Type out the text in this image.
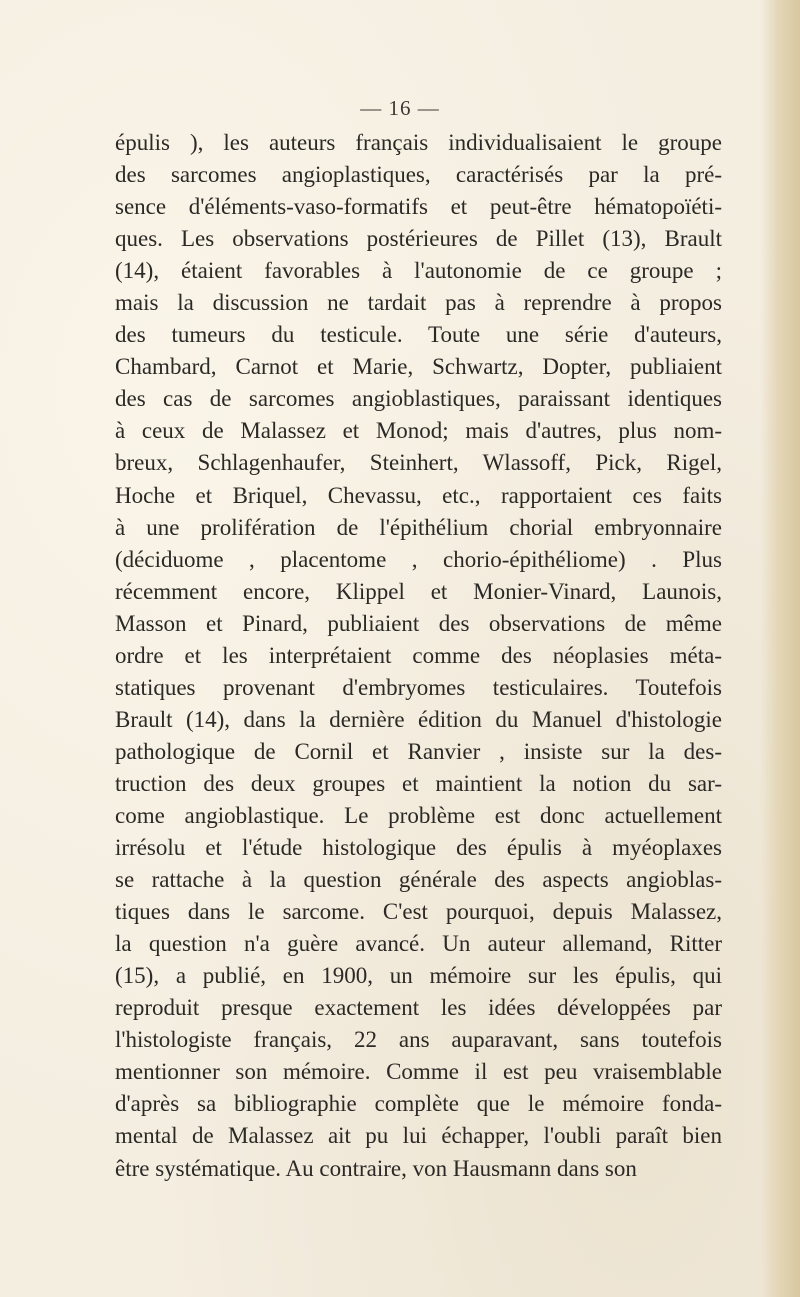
— 16 —
épulis ), les auteurs français individualisaient le groupe
des sarcomes angioplastiques, caractérisés par la pré-
sence d'éléments-vaso-formatifs et peut-être hématopoïéti-
ques. Les observations postérieures de Pillet (13), Brault
(14), étaient favorables à l'autonomie de ce groupe ;
mais la discussion ne tardait pas à reprendre à propos
des tumeurs du testicule. Toute une série d'auteurs,
Chambard, Carnot et Marie, Schwartz, Dopter, publiaient
des cas de sarcomes angioblastiques, paraissant identiques
à ceux de Malassez et Monod; mais d'autres, plus nom-
breux, Schlagenhaufer, Steinhert, Wlassoff, Pick, Rigel,
Hoche et Briquel, Chevassu, etc., rapportaient ces faits
à une prolifération de l'épithélium chorial embryonnaire
(déciduome , placentome , chorio-épithéliome) . Plus
récemment encore, Klippel et Monier-Vinard, Launois,
Masson et Pinard, publiaient des observations de même
ordre et les interprétaient comme des néoplasies méta-
statiques provenant d'embryomes testiculaires. Toutefois
Brault (14), dans la dernière édition du Manuel d'histologie
pathologique de Cornil et Ranvier , insiste sur la des-
truction des deux groupes et maintient la notion du sar-
come angioblastique. Le problème est donc actuellement
irrésolu et l'étude histologique des épulis à myéoplaxes
se rattache à la question générale des aspects angioblas-
tiques dans le sarcome. C'est pourquoi, depuis Malassez,
la question n'a guère avancé. Un auteur allemand, Ritter
(15), a publié, en 1900, un mémoire sur les épulis, qui
reproduit presque exactement les idées développées par
l'histologiste français, 22 ans auparavant, sans toutefois
mentionner son mémoire. Comme il est peu vraisemblable
d'après sa bibliographie complète que le mémoire fonda-
mental de Malassez ait pu lui échapper, l'oubli paraît bien
être systématique. Au contraire, von Hausmann dans son
